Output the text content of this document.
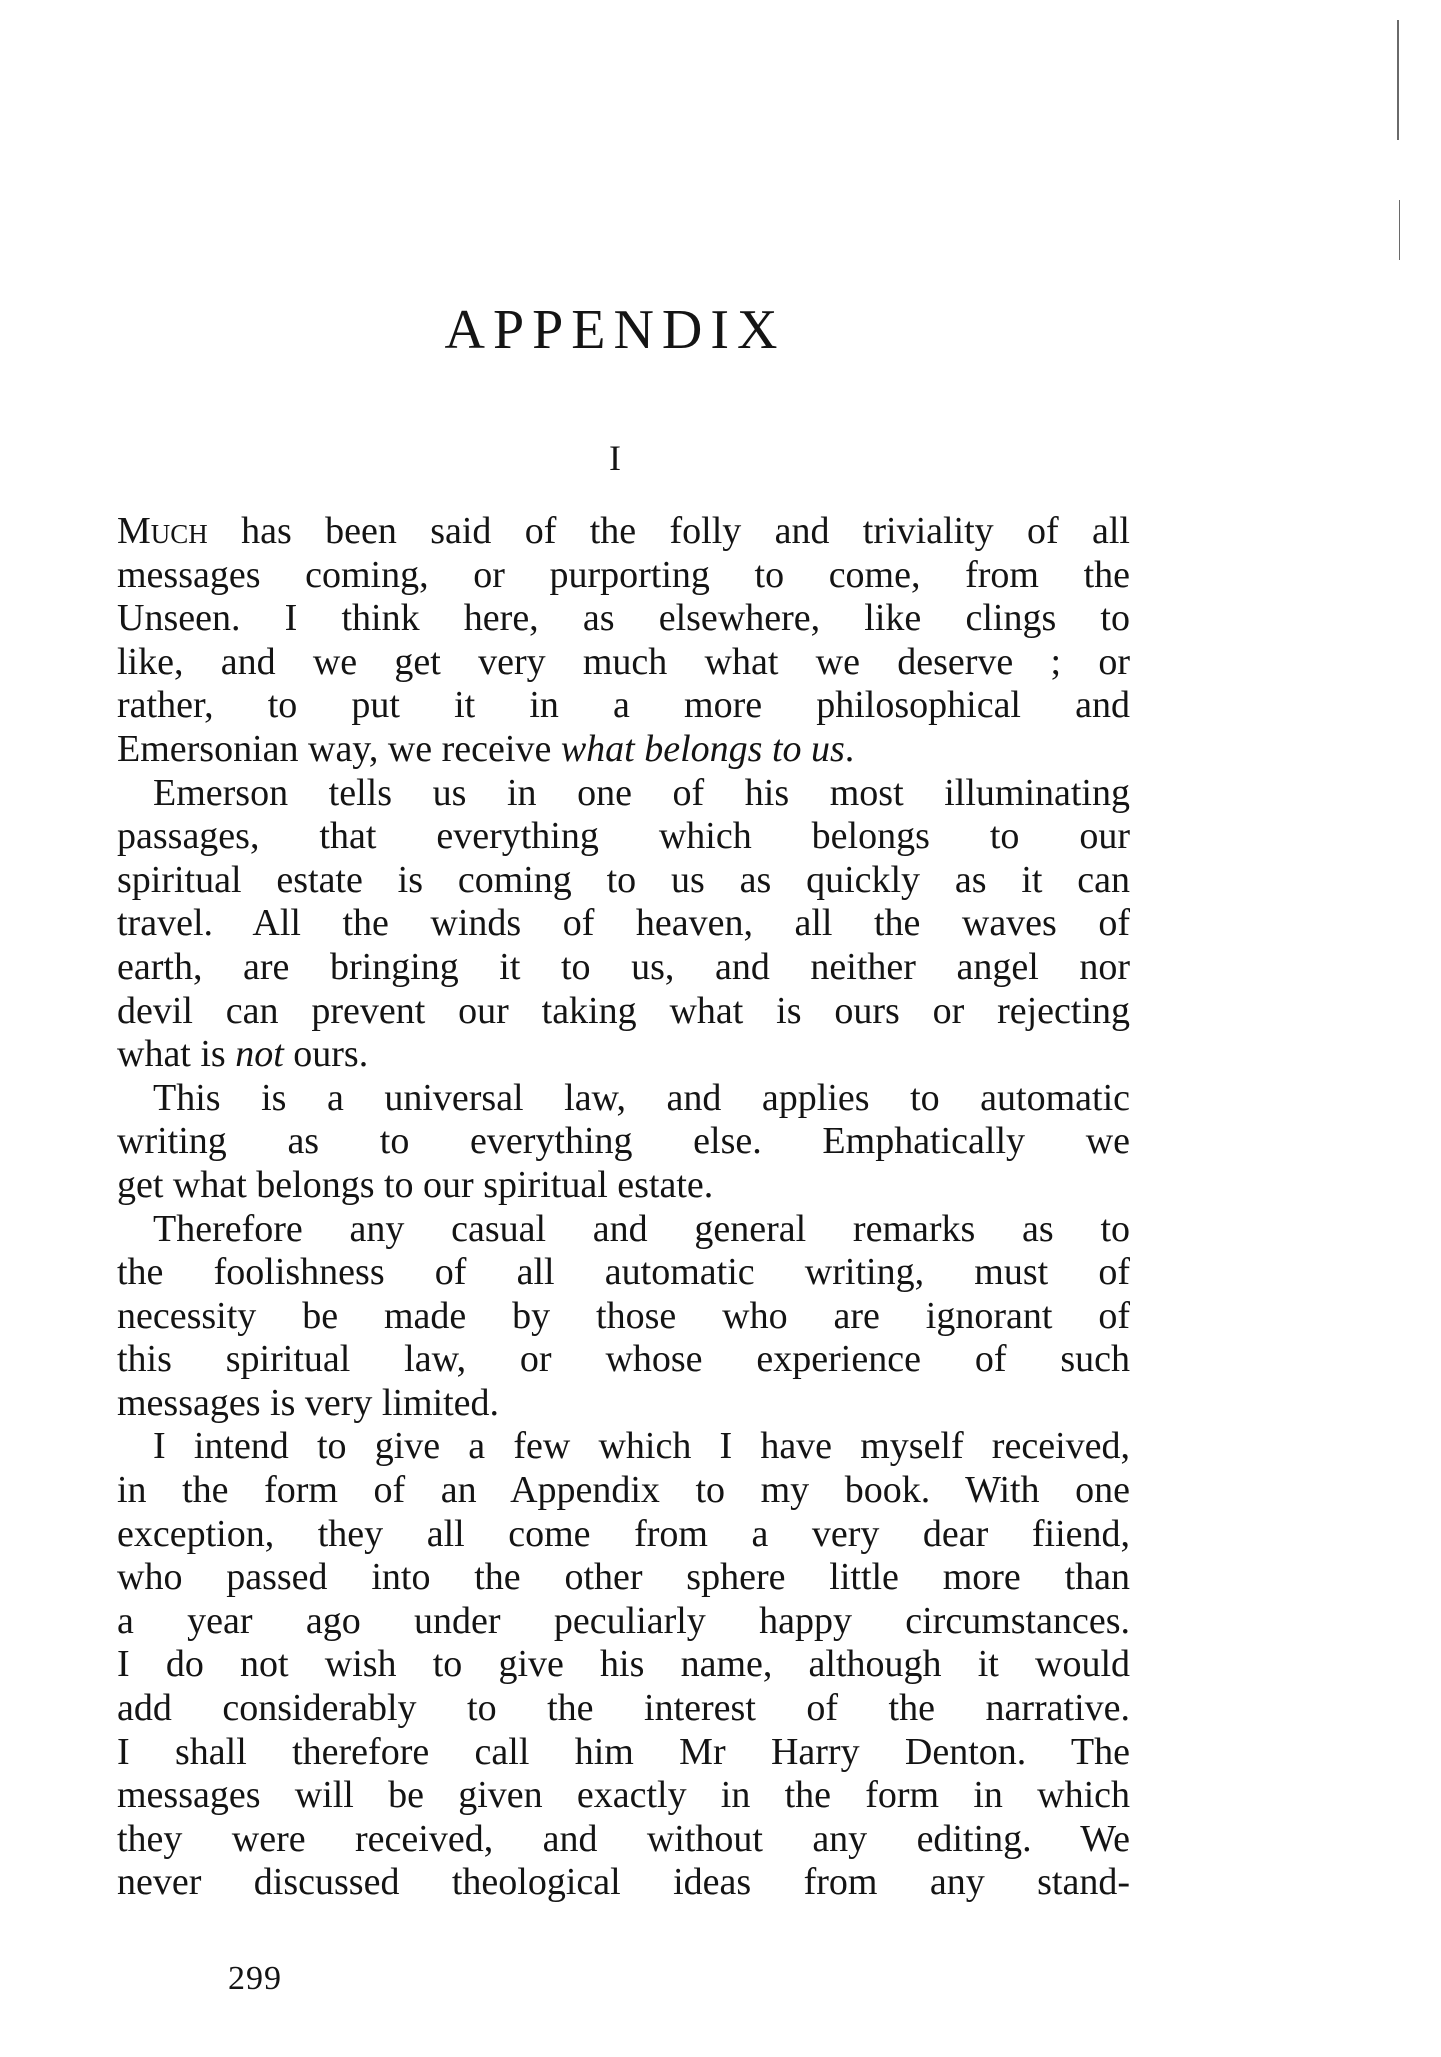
APPENDIX
I
Much has been said of the folly and triviality of all
messages coming, or purporting to come, from the
Unseen. I think here, as elsewhere, like clings to
like, and we get very much what we deserve ; or
rather, to put it in a more philosophical and
Emersonian way, we receive what belongs to us.
Emerson tells us in one of his most illuminating
passages, that everything which belongs to our
spiritual estate is coming to us as quickly as it can
travel. All the winds of heaven, all the waves of
earth, are bringing it to us, and neither angel nor
devil can prevent our taking what is ours or rejecting
what is not ours.
This is a universal law, and applies to automatic
writing as to everything else. Emphatically we
get what belongs to our spiritual estate.
Therefore any casual and general remarks as to
the foolishness of all automatic writing, must of
necessity be made by those who are ignorant of
this spiritual law, or whose experience of such
messages is very limited.
I intend to give a few which I have myself received,
in the form of an Appendix to my book. With one
exception, they all come from a very dear fiiend,
who passed into the other sphere little more than
a year ago under peculiarly happy circumstances.
I do not wish to give his name, although it would
add considerably to the interest of the narrative.
I shall therefore call him Mr Harry Denton. The
messages will be given exactly in the form in which
they were received, and without any editing. We
never discussed theological ideas from any stand-
299
